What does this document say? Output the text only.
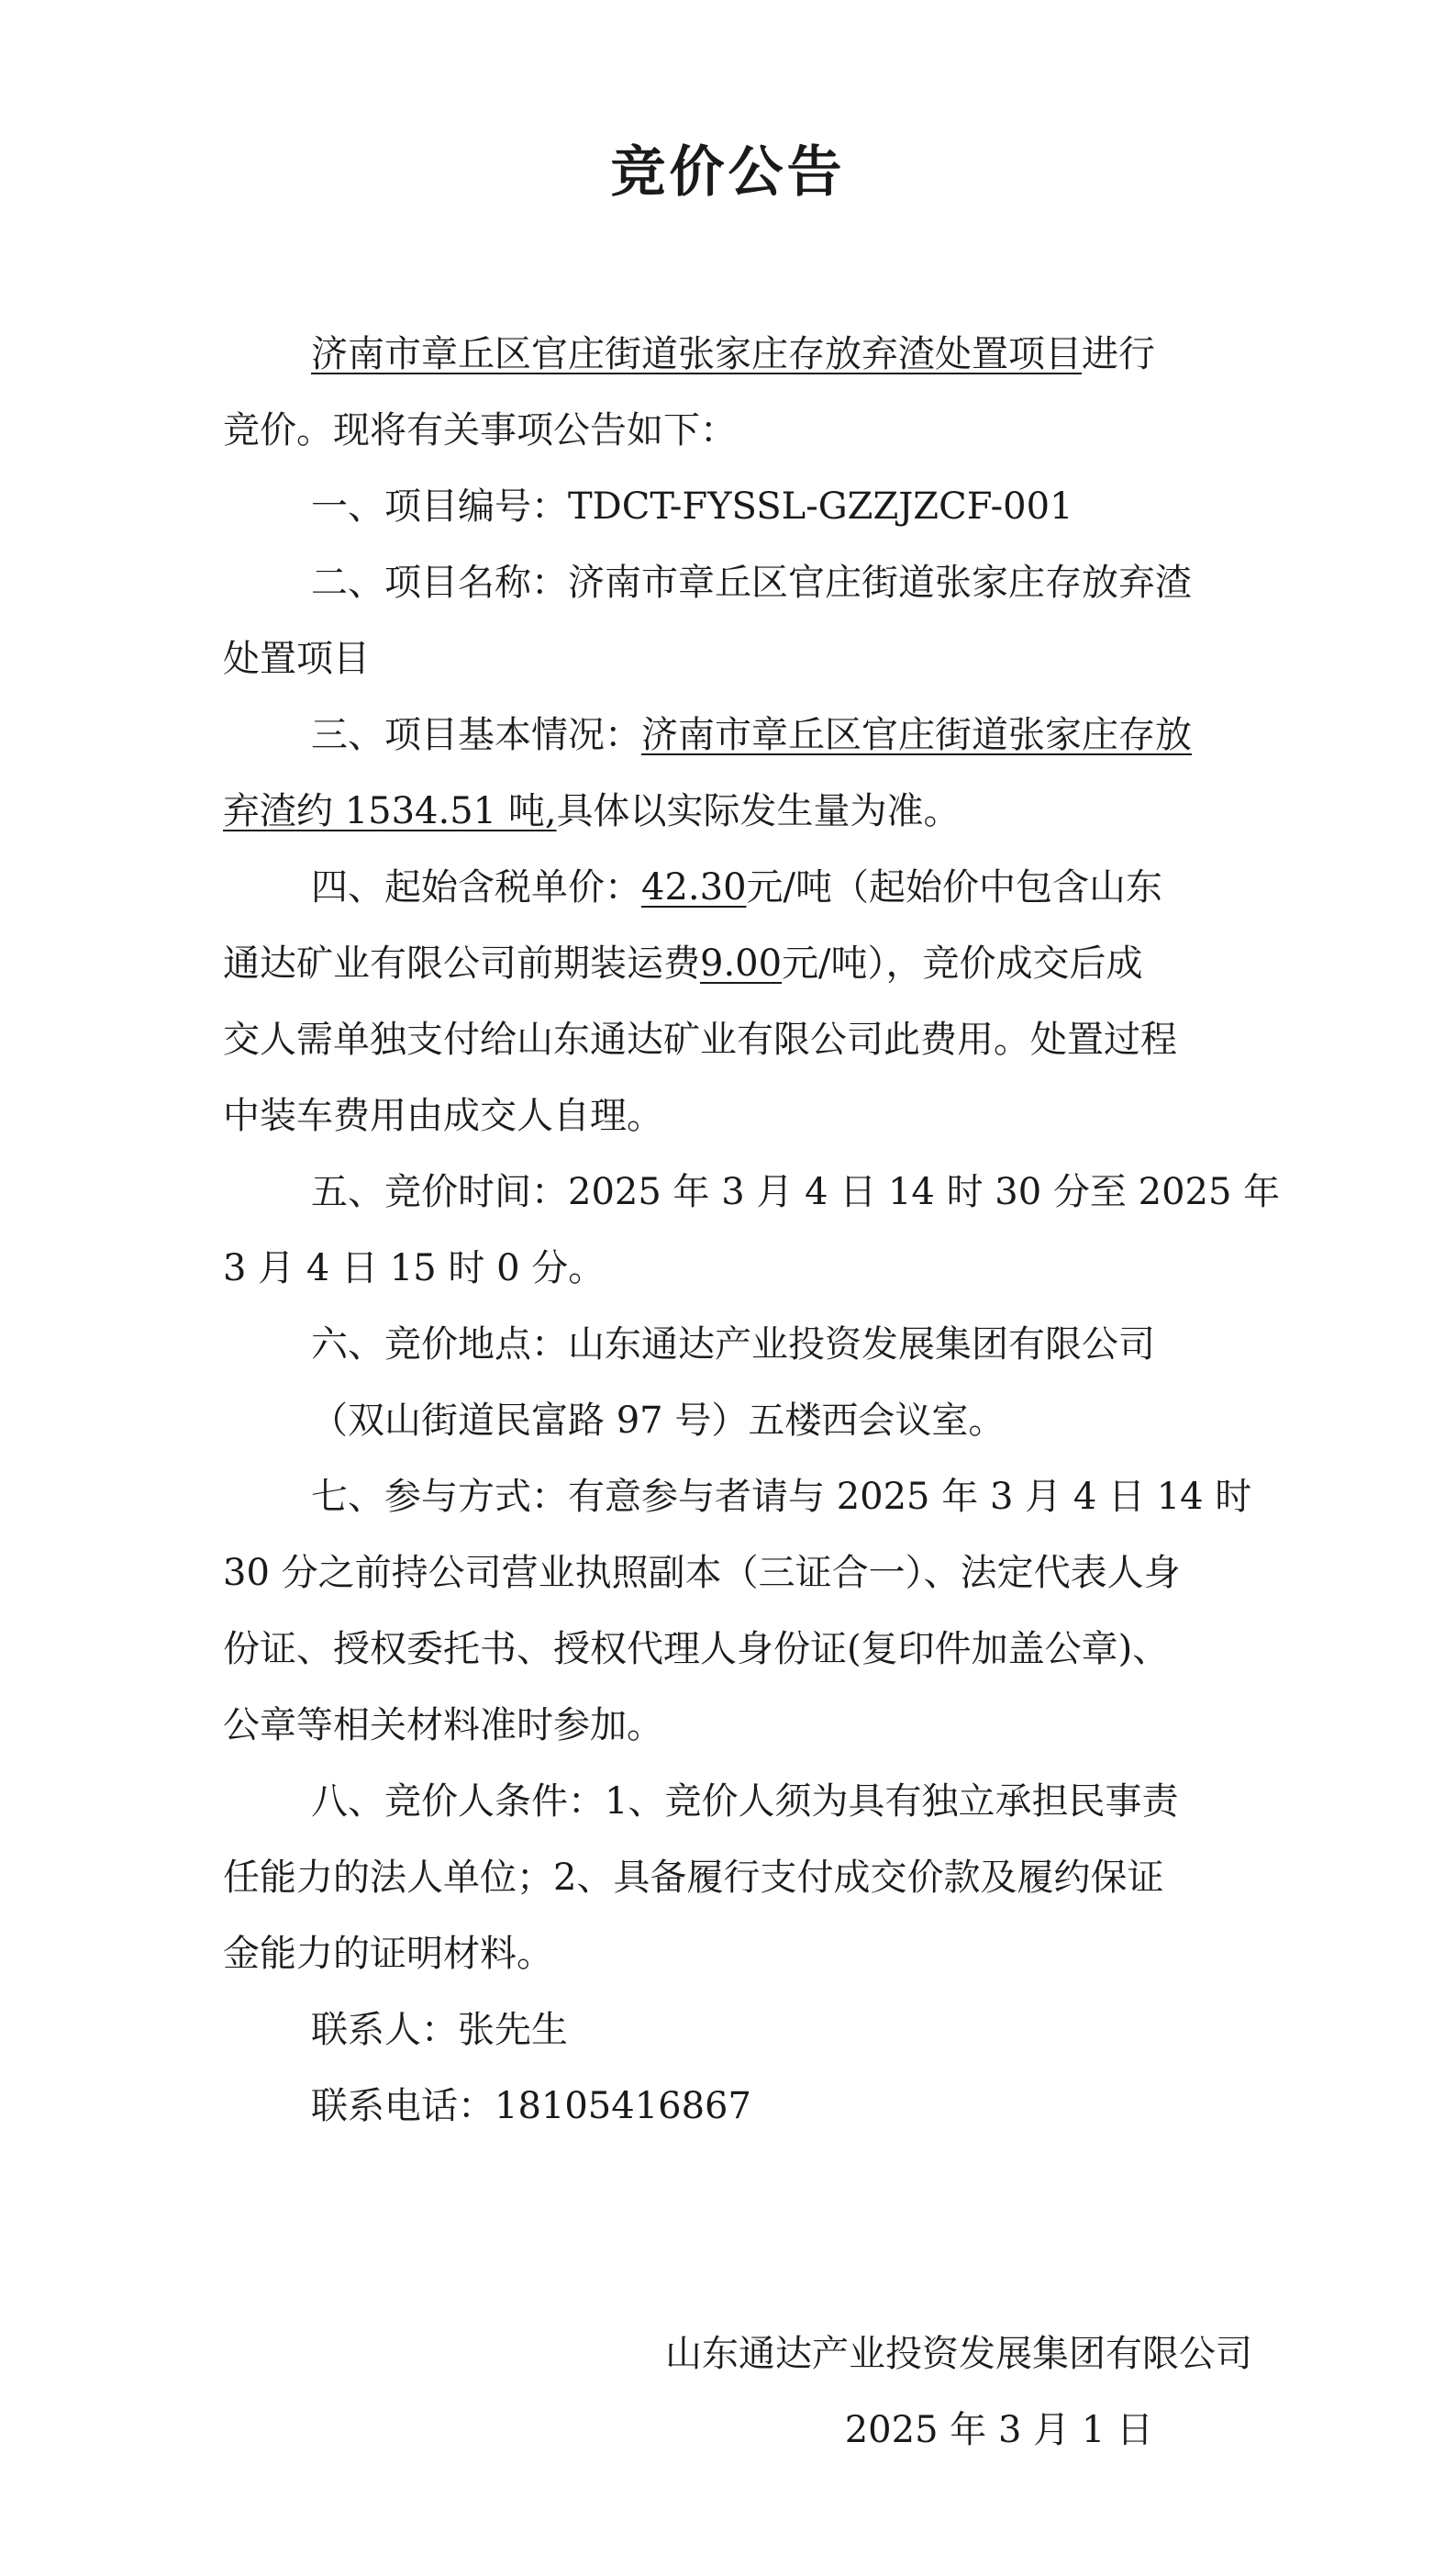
竞价公告

济南市章丘区官庄街道张家庄存放弃渣处置项目进行

竞价。现将有关事项公告如下：

一、项目编号：TDCT-FYSSL-GZZJZCF-001

二、项目名称：济南市章丘区官庄街道张家庄存放弃渣

处置项目

三、项目基本情况：济南市章丘区官庄街道张家庄存放

弃渣约 1534.51 吨,具体以实际发生量为准。

四、起始含税单价：42.30元/吨（起始价中包含山东

通达矿业有限公司前期装运费9.00元/吨），竞价成交后成

交人需单独支付给山东通达矿业有限公司此费用。处置过程

中装车费用由成交人自理。

五、竞价时间：2025 年 3 月 4 日 14 时 30 分至 2025 年

3 月 4 日 15 时 0 分。

六、竞价地点：山东通达产业投资发展集团有限公司

（双山街道民富路 97 号）五楼西会议室。

七、参与方式：有意参与者请与 2025 年 3 月 4 日 14 时

30 分之前持公司营业执照副本（三证合一）、法定代表人身

份证、授权委托书、授权代理人身份证(复印件加盖公章)、

公章等相关材料准时参加。

八、竞价人条件：1、竞价人须为具有独立承担民事责

任能力的法人单位；2、具备履行支付成交价款及履约保证

金能力的证明材料。

联系人：张先生

联系电话：18105416867

山东通达产业投资发展集团有限公司

2025 年 3 月 1 日
